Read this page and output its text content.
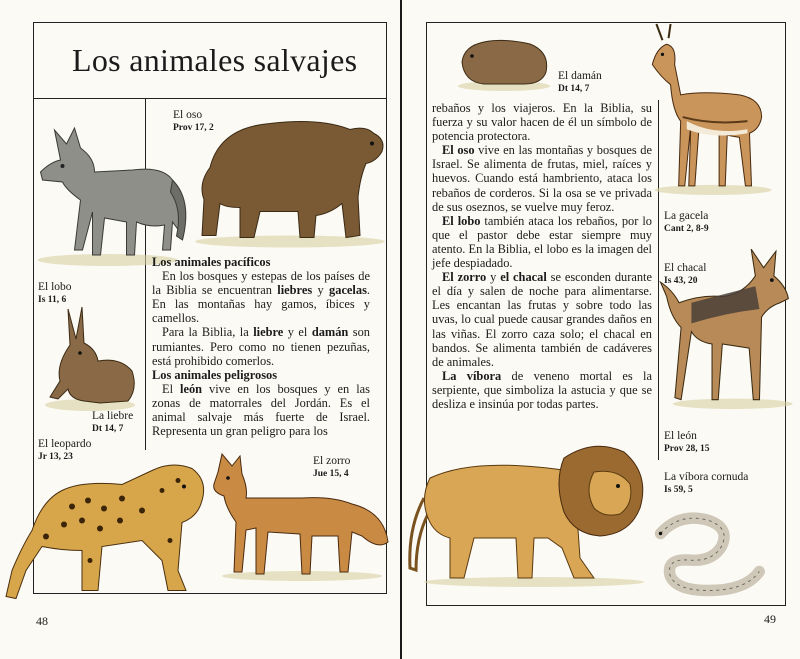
Los animales salvajes
El oso
Prov 17, 2
El lobo
Is 11, 6
La liebre
Dt 14, 7

Los animales pacíficos

En los bosques y estepas de los países de la Biblia se encuentran liebres y gacelas. En las montañas hay gamos, íbices y camellos.

Para la Biblia, la liebre y el damán son rumiantes. Pero como no tienen pezuñas, está prohibido comerlos.

Los animales peligrosos

El león vive en los bosques y en las zonas de matorrales del Jordán. Es el animal salvaje más fuerte de Israel. Representa un gran peligro para los

El leopardo
Jr 13, 23	El zorro
Jue 15, 4
48
El damán
Dt 14, 7
La gacela
Cant 2, 8-9

rebaños y los viajeros. En la Biblia, su fuerza y su valor hacen de él un símbolo de potencia protectora.

El oso vive en las montañas y bosques de Israel. Se alimenta de frutas, miel, raíces y huevos. Cuando está hambriento, ataca los rebaños de corderos. Si la osa se ve privada de sus oseznos, se vuelve muy feroz.

El lobo también ataca los rebaños, por lo que el pastor debe estar siempre muy atento. En la Biblia, el lobo es la imagen del jefe despiadado.

El zorro y el chacal se esconden durante el día y salen de noche para alimentarse. Les encantan las frutas y sobre todo las uvas, lo cual puede causar grandes daños en las viñas. El zorro caza solo; el chacal en bandos. Se alimenta también de cadáveres de animales.

La víbora de veneno mortal es la serpiente, que simboliza la astucia y que se desliza e insinúa por todas partes.

El chacal
Is 43, 20
El león
Prov 28, 15
La víbora cornuda
Is 59, 5
49
